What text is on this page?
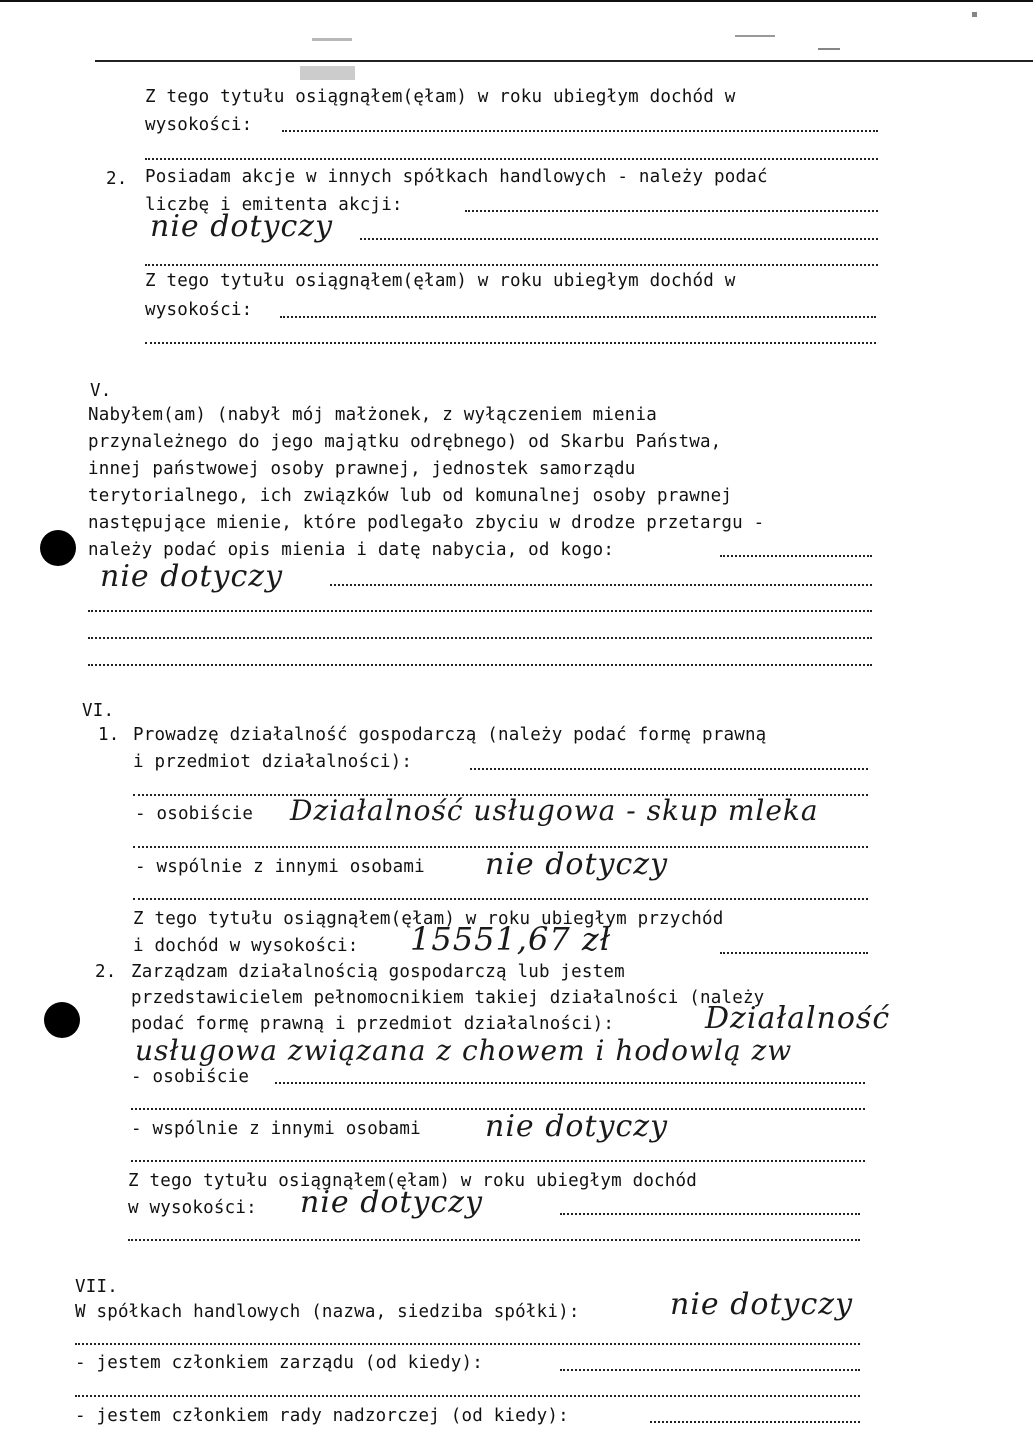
Z tego tytułu osiągnąłem(ęłam) w roku ubiegłym dochód w
wysokości:
2. Posiadam akcje w innych spółkach handlowych - należy podać
liczbę i emitenta akcji:
nie dotyczy
Z tego tytułu osiągnąłem(ęłam) w roku ubiegłym dochód w
wysokości:
V.
Nabyłem(am) (nabył mój małżonek, z wyłączeniem mienia
przynależnego do jego majątku odrębnego) od Skarbu Państwa,
innej państwowej osoby prawnej, jednostek samorządu
terytorialnego, ich związków lub od komunalnej osoby prawnej
następujące mienie, które podlegało zbyciu w drodze przetargu -
należy podać opis mienia i datę nabycia, od kogo:
nie dotyczy
VI.
1. Prowadzę działalność gospodarczą (należy podać formę prawną
i przedmiot działalności):
- osobiście Działalność usługowa - skup mleka
- wspólnie z innymi osobami nie dotyczy
Z tego tytułu osiągnąłem(ęłam) w roku ubiegłym przychód
i dochód w wysokości: 15551,67 zł
2. Zarządzam działalnością gospodarczą lub jestem
przedstawicielem pełnomocnikiem takiej działalności (należy
podać formę prawną i przedmiot działalności):	Działalność
usługowa związana z chowem i hodowlą zw
- osobiście
- wspólnie z innymi osobami nie dotyczy
Z tego tytułu osiągnąłem(ęłam) w roku ubiegłym dochód
w wysokości: nie dotyczy
VII.
W spółkach handlowych (nazwa, siedziba spółki):	nie dotyczy
- jestem członkiem zarządu (od kiedy):
- jestem członkiem rady nadzorczej (od kiedy):
